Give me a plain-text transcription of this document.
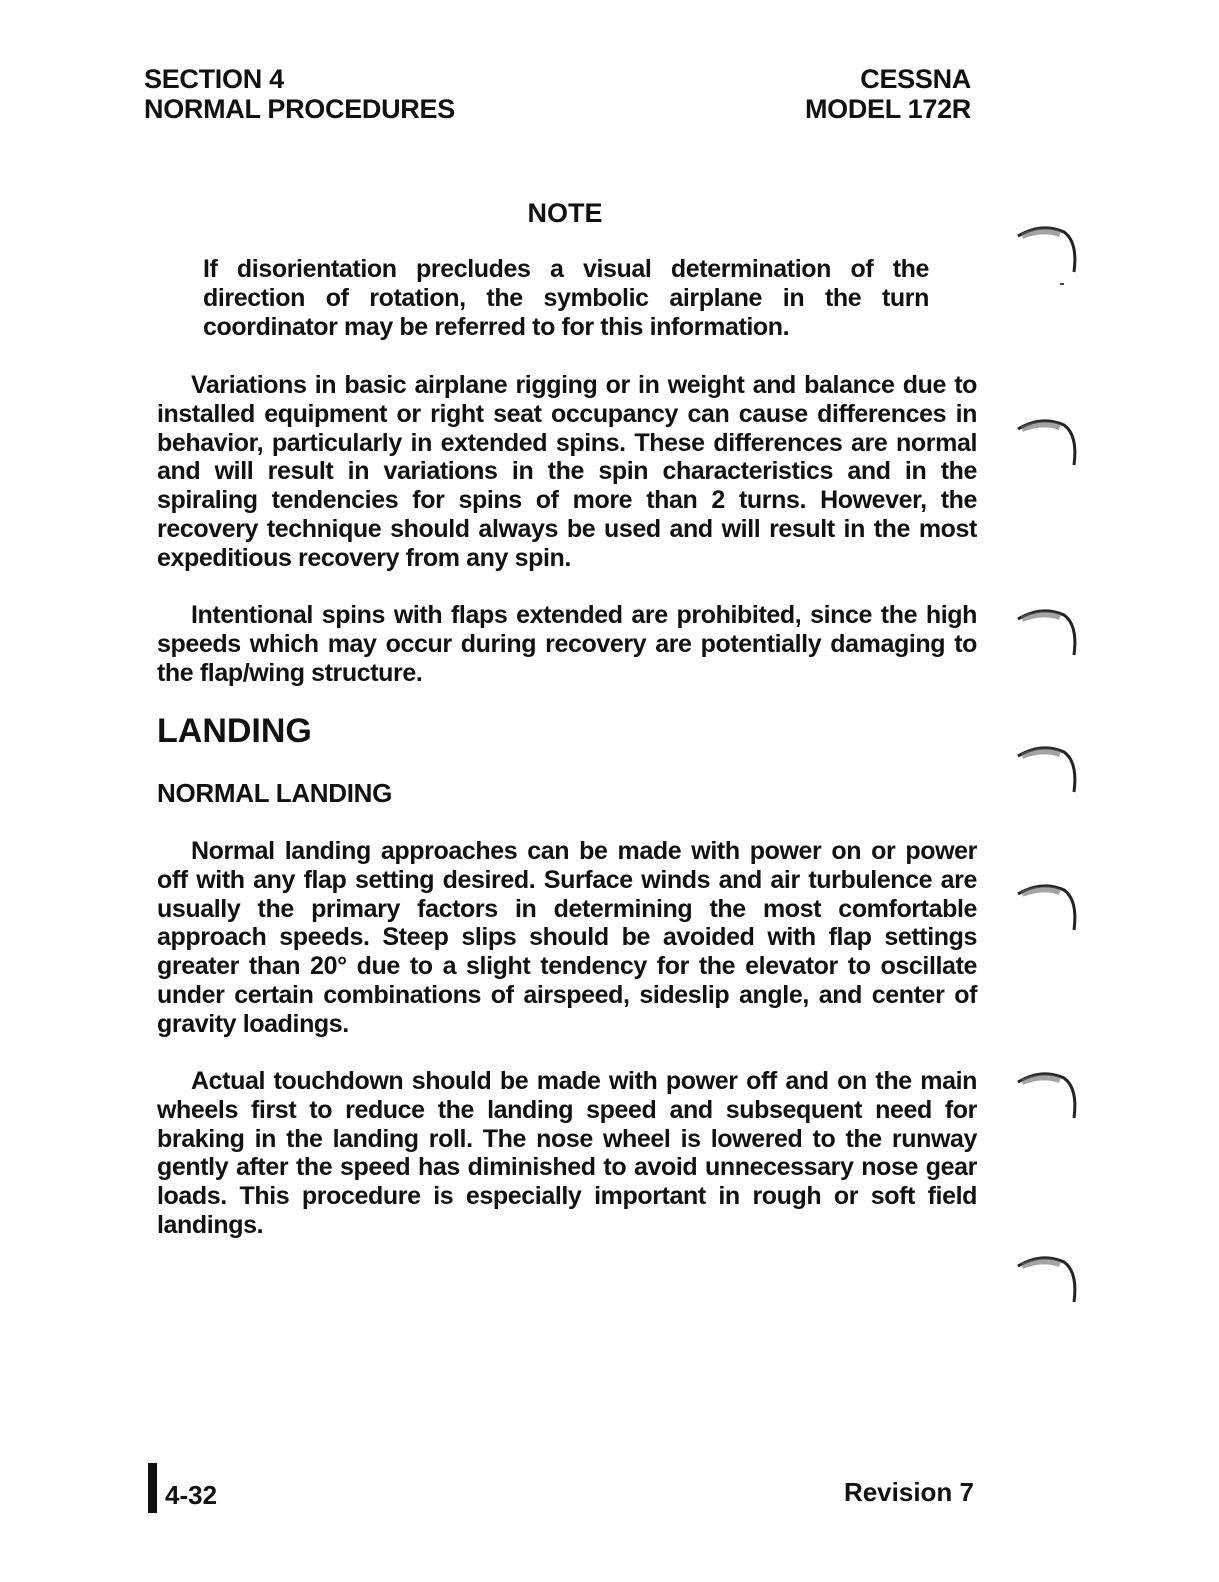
SECTION 4
NORMAL PROCEDURES
CESSNA
MODEL 172R
NOTE
If disorientation precludes a visual determination of the direction of rotation, the symbolic airplane in the turn coordinator may be referred to for this information.
Variations in basic airplane rigging or in weight and balance due to installed equipment or right seat occupancy can cause differences in behavior, particularly in extended spins. These differences are normal and will result in variations in the spin characteristics and in the spiraling tendencies for spins of more than 2 turns. However, the recovery technique should always be used and will result in the most expeditious recovery from any spin.
Intentional spins with flaps extended are prohibited, since the high speeds which may occur during recovery are potentially damaging to the flap/wing structure.
LANDING
NORMAL LANDING
Normal landing approaches can be made with power on or power off with any flap setting desired. Surface winds and air turbulence are usually the primary factors in determining the most comfortable approach speeds. Steep slips should be avoided with flap settings greater than 20° due to a slight tendency for the elevator to oscillate under certain combinations of airspeed, sideslip angle, and center of gravity loadings.
Actual touchdown should be made with power off and on the main wheels first to reduce the landing speed and subsequent need for braking in the landing roll. The nose wheel is lowered to the runway gently after the speed has diminished to avoid unnecessary nose gear loads. This procedure is especially important in rough or soft field landings.
4-32	Revision 7
